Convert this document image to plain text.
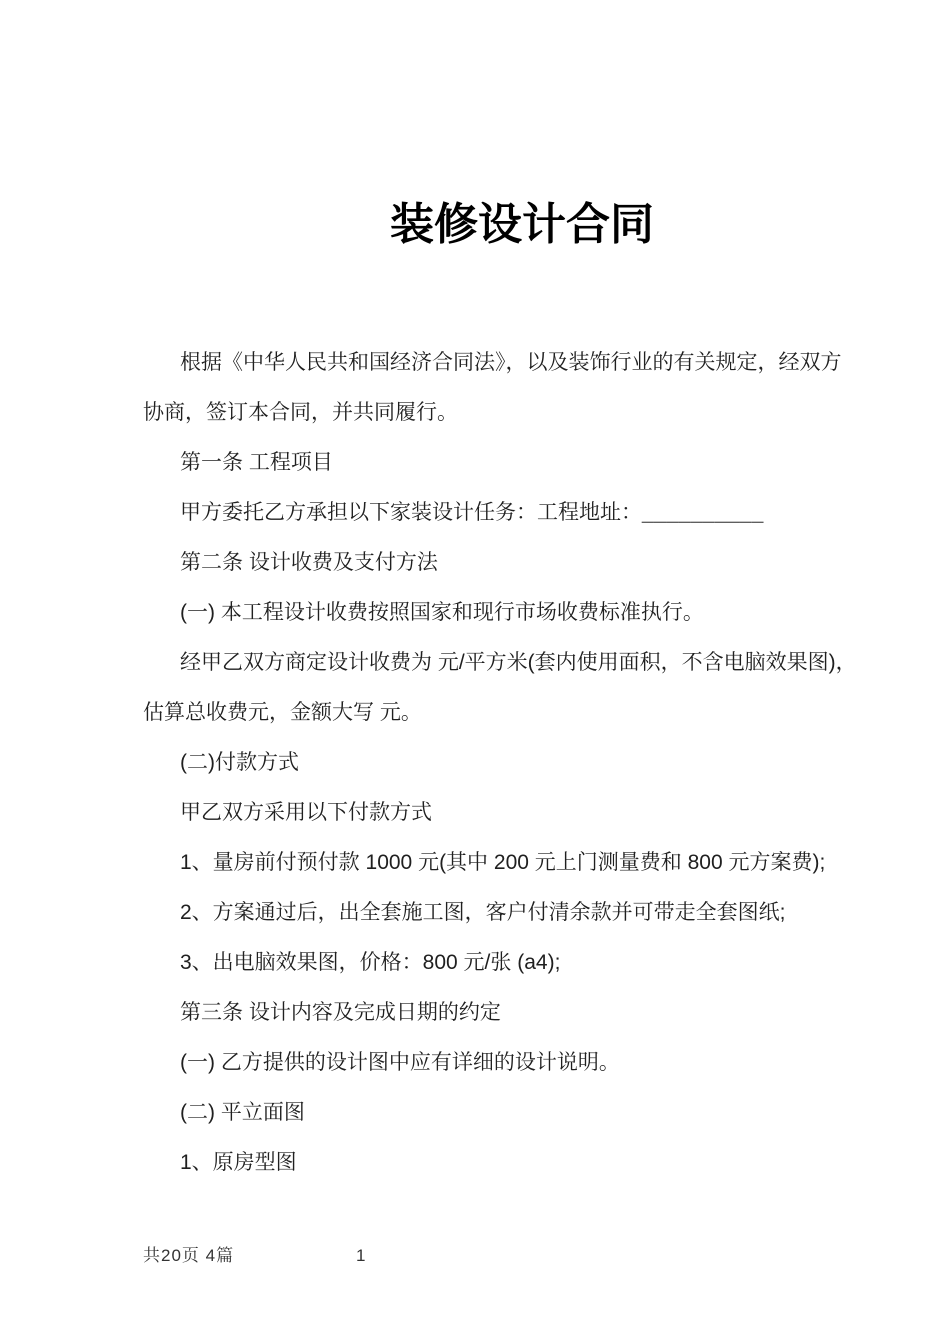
装修设计合同
根据《中华人民共和国经济合同法》，以及装饰行业的有关规定，经双方
协商，签订本合同，并共同履行。
第一条 工程项目
甲方委托乙方承担以下家装设计任务：工程地址：__________
第二条 设计收费及支付方法
(一) 本工程设计收费按照国家和现行市场收费标准执行。
经甲乙双方商定设计收费为 元/平方米(套内使用面积，不含电脑效果图)，
估算总收费元，金额大写 元。
(二)付款方式
甲乙双方采用以下付款方式
1、量房前付预付款 1000 元(其中 200 元上门测量费和 800 元方案费);
2、方案通过后，出全套施工图，客户付清余款并可带走全套图纸;
3、出电脑效果图，价格：800 元/张 (a4);
第三条 设计内容及完成日期的约定
(一) 乙方提供的设计图中应有详细的设计说明。
(二) 平立面图
1、原房型图
共20页 4篇	1
